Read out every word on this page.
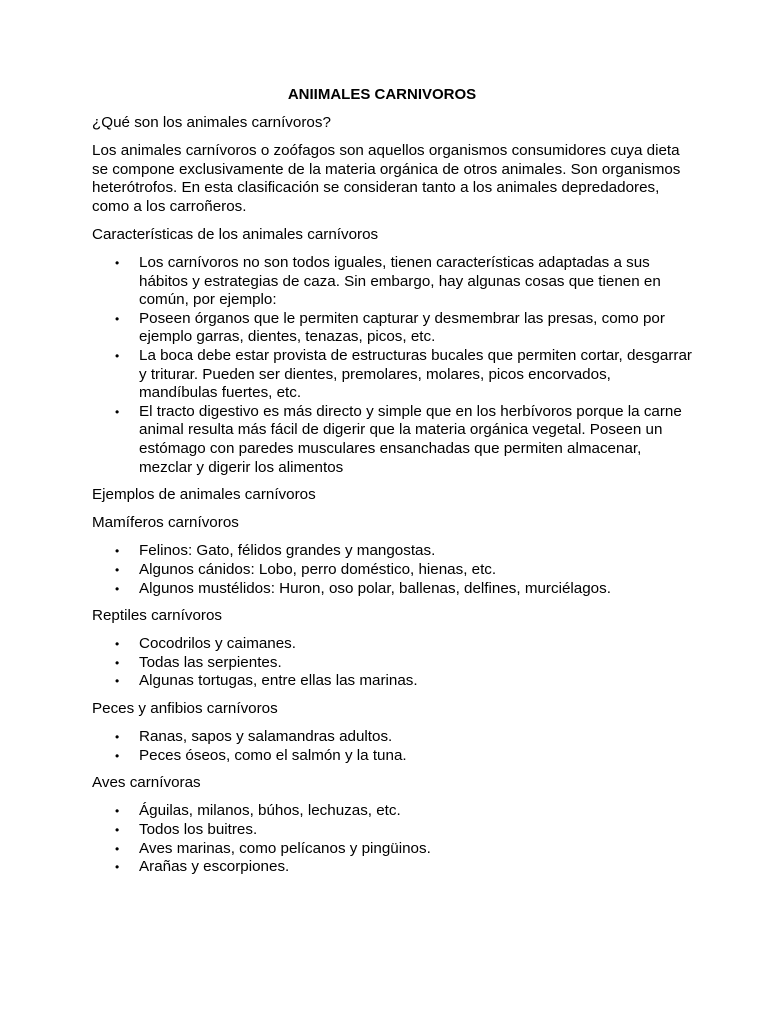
ANIIMALES CARNIVOROS

¿Qué son los animales carnívoros?

Los animales carnívoros o zoófagos son aquellos organismos consumidores cuya dieta se compone exclusivamente de la materia orgánica de otros animales. Son organismos heterótrofos. En esta clasificación se consideran tanto a los animales depredadores, como a los carroñeros.

Características de los animales carnívoros

• Los carnívoros no son todos iguales, tienen características adaptadas a sus hábitos y estrategias de caza. Sin embargo, hay algunas cosas que tienen en común, por ejemplo:
• Poseen órganos que le permiten capturar y desmembrar las presas, como por ejemplo garras, dientes, tenazas, picos, etc.
• La boca debe estar provista de estructuras bucales que permiten cortar, desgarrar y triturar. Pueden ser dientes, premolares, molares, picos encorvados, mandíbulas fuertes, etc.
• El tracto digestivo es más directo y simple que en los herbívoros porque la carne animal resulta más fácil de digerir que la materia orgánica vegetal. Poseen un estómago con paredes musculares ensanchadas que permiten almacenar, mezclar y digerir los alimentos

Ejemplos de animales carnívoros

Mamíferos carnívoros

• Felinos: Gato, félidos grandes y mangostas.
• Algunos cánidos: Lobo, perro doméstico, hienas, etc.
• Algunos mustélidos: Huron, oso polar, ballenas, delfines, murciélagos.

Reptiles carnívoros

• Cocodrilos y caimanes.
• Todas las serpientes.
• Algunas tortugas, entre ellas las marinas.

Peces y anfibios carnívoros

• Ranas, sapos y salamandras adultos.
• Peces óseos, como el salmón y la tuna.

Aves carnívoras

• Águilas, milanos, búhos, lechuzas, etc.
• Todos los buitres.
• Aves marinas, como pelícanos y pingüinos.
• Arañas y escorpiones.
